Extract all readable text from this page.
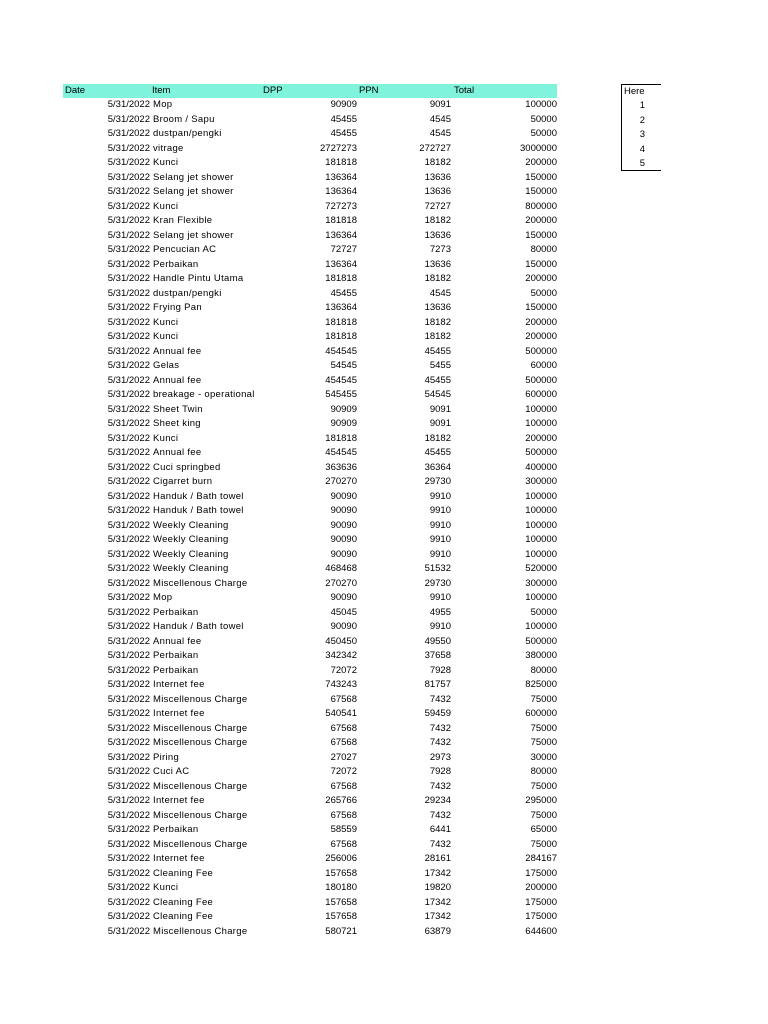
Date	Item	DPP	PPN	Total
5/31/2022 Mop	90909	9091	100000
5/31/2022 Broom / Sapu	45455	4545	50000
5/31/2022 dustpan/pengki	45455	4545	50000
5/31/2022 vitrage	2727273	272727	3000000
5/31/2022 Kunci	181818	18182	200000
5/31/2022 Selang jet shower	136364	13636	150000
5/31/2022 Selang jet shower	136364	13636	150000
5/31/2022 Kunci	727273	72727	800000
5/31/2022 Kran Flexible	181818	18182	200000
5/31/2022 Selang jet shower	136364	13636	150000
5/31/2022 Pencucian AC	72727	7273	80000
5/31/2022 Perbaikan	136364	13636	150000
5/31/2022 Handle Pintu Utama	181818	18182	200000
5/31/2022 dustpan/pengki	45455	4545	50000
5/31/2022 Frying Pan	136364	13636	150000
5/31/2022 Kunci	181818	18182	200000
5/31/2022 Kunci	181818	18182	200000
5/31/2022 Annual fee	454545	45455	500000
5/31/2022 Gelas	54545	5455	60000
5/31/2022 Annual fee	454545	45455	500000
5/31/2022 breakage - operational	545455	54545	600000
5/31/2022 Sheet Twin	90909	9091	100000
5/31/2022 Sheet king	90909	9091	100000
5/31/2022 Kunci	181818	18182	200000
5/31/2022 Annual fee	454545	45455	500000
5/31/2022 Cuci springbed	363636	36364	400000
5/31/2022 Cigarret burn	270270	29730	300000
5/31/2022 Handuk / Bath towel	90090	9910	100000
5/31/2022 Handuk / Bath towel	90090	9910	100000
5/31/2022 Weekly Cleaning	90090	9910	100000
5/31/2022 Weekly Cleaning	90090	9910	100000
5/31/2022 Weekly Cleaning	90090	9910	100000
5/31/2022 Weekly Cleaning	468468	51532	520000
5/31/2022 Miscellenous Charge	270270	29730	300000
5/31/2022 Mop	90090	9910	100000
5/31/2022 Perbaikan	45045	4955	50000
5/31/2022 Handuk / Bath towel	90090	9910	100000
5/31/2022 Annual fee	450450	49550	500000
5/31/2022 Perbaikan	342342	37658	380000
5/31/2022 Perbaikan	72072	7928	80000
5/31/2022 Internet fee	743243	81757	825000
5/31/2022 Miscellenous Charge	67568	7432	75000
5/31/2022 Internet fee	540541	59459	600000
5/31/2022 Miscellenous Charge	67568	7432	75000
5/31/2022 Miscellenous Charge	67568	7432	75000
5/31/2022 Piring	27027	2973	30000
5/31/2022 Cuci AC	72072	7928	80000
5/31/2022 Miscellenous Charge	67568	7432	75000
5/31/2022 Internet fee	265766	29234	295000
5/31/2022 Miscellenous Charge	67568	7432	75000
5/31/2022 Perbaikan	58559	6441	65000
5/31/2022 Miscellenous Charge	67568	7432	75000
5/31/2022 Internet fee	256006	28161	284167
5/31/2022 Cleaning Fee	157658	17342	175000
5/31/2022 Kunci	180180	19820	200000
5/31/2022 Cleaning Fee	157658	17342	175000
5/31/2022 Cleaning Fee	157658	17342	175000
5/31/2022 Miscellenous Charge	580721	63879	644600
Here
1
2
3
4
5
